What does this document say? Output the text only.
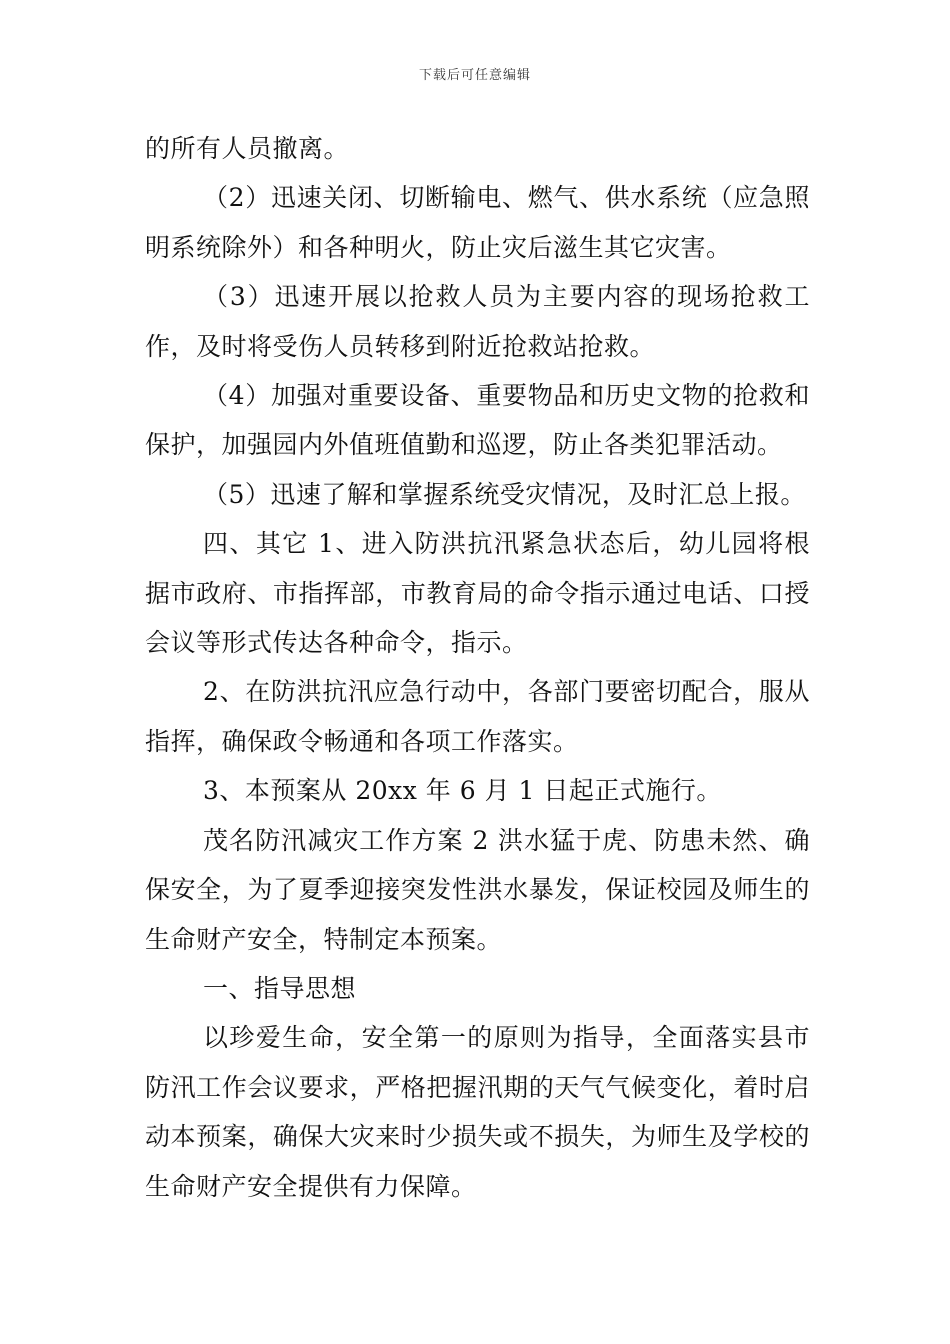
下载后可任意编辑

的所有人员撤离。

（2）迅速关闭、切断输电、燃气、供水系统（应急照明系统除外）和各种明火，防止灾后滋生其它灾害。

（3）迅速开展以抢救人员为主要内容的现场抢救工作，及时将受伤人员转移到附近抢救站抢救。

（4）加强对重要设备、重要物品和历史文物的抢救和保护，加强园内外值班值勤和巡逻，防止各类犯罪活动。

（5）迅速了解和掌握系统受灾情况，及时汇总上报。

四、其它 1、进入防洪抗汛紧急状态后，幼儿园将根据市政府、市指挥部，市教育局的命令指示通过电话、口授会议等形式传达各种命令，指示。

2、在防洪抗汛应急行动中，各部门要密切配合，服从指挥，确保政令畅通和各项工作落实。

3、本预案从 20xx 年 6 月 1 日起正式施行。

茂名防汛减灾工作方案 2 洪水猛于虎、防患未然、确保安全，为了夏季迎接突发性洪水暴发，保证校园及师生的生命财产安全，特制定本预案。

一、指导思想

以珍爱生命，安全第一的原则为指导，全面落实县市防汛工作会议要求，严格把握汛期的天气气候变化，着时启动本预案，确保大灾来时少损失或不损失，为师生及学校的生命财产安全提供有力保障。
